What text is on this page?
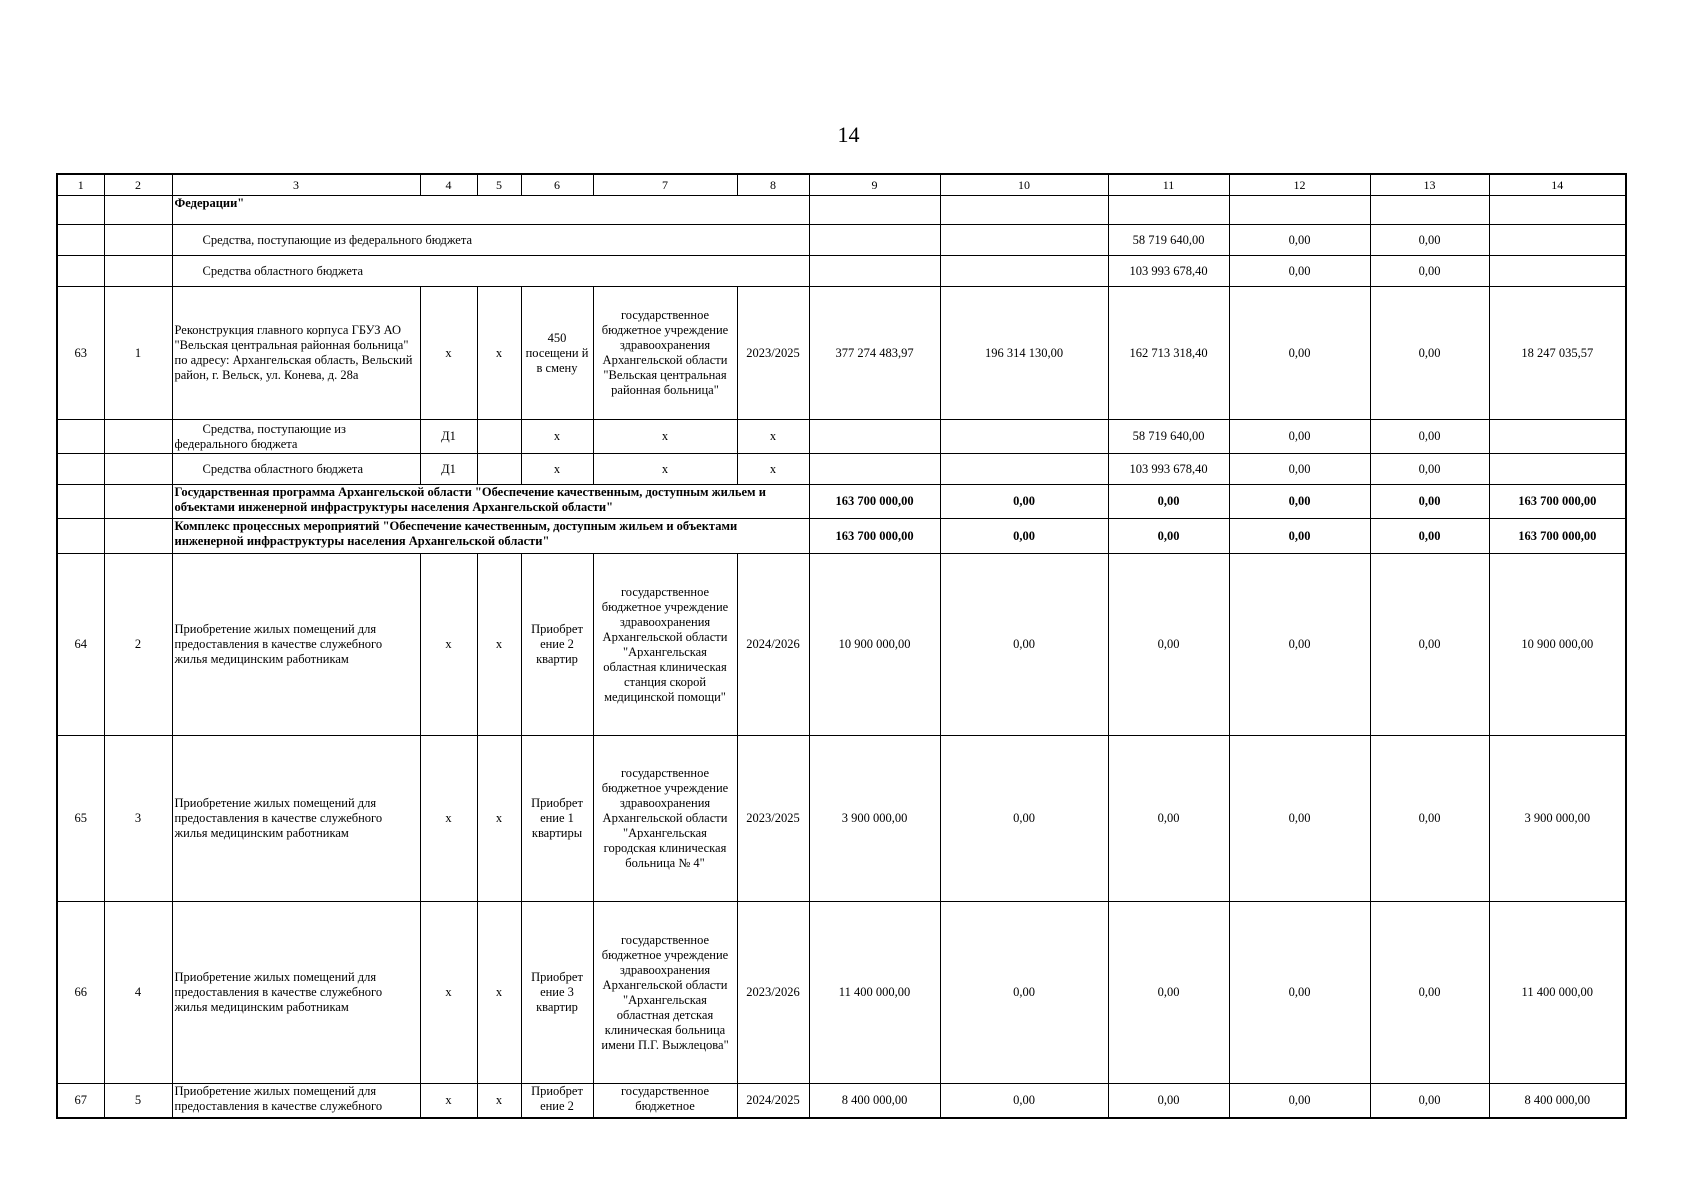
14
1	2	3	4	5	6	7	8	9	10	11	12	13	14
		Федерации"											
		Средства, поступающие из федерального бюджета								58 719 640,00	0,00	0,00	
		Средства областного бюджета								103 993 678,40	0,00	0,00	
63	1	Реконструкция главного корпуса ГБУЗ АО "Вельская центральная районная больница" по адресу: Архангельская область, Вельский район, г. Вельск, ул. Конева, д. 28а	х	х	450 посещени й в смену	государственное бюджетное учреждение здравоохранения Архангельской области "Вельская центральная районная больница"	2023/2025	377 274 483,97	196 314 130,00	162 713 318,40	0,00	0,00	18 247 035,57
		Средства, поступающие из федерального бюджета	Д1		х	х	х			58 719 640,00	0,00	0,00	
		Средства областного бюджета	Д1		х	х	х			103 993 678,40	0,00	0,00	
		Государственная программа Архангельской области "Обеспечение качественным, доступным жильем и объектами инженерной инфраструктуры населения Архангельской области"						163 700 000,00	0,00	0,00	0,00	0,00	163 700 000,00
		Комплекс процессных мероприятий "Обеспечение качественным, доступным жильем и объектами инженерной инфраструктуры населения Архангельской области"						163 700 000,00	0,00	0,00	0,00	0,00	163 700 000,00
64	2	Приобретение жилых помещений для предоставления в качестве служебного жилья медицинским работникам	х	х	Приобрет ение 2 квартир	государственное бюджетное учреждение здравоохранения Архангельской области "Архангельская областная клиническая станция скорой медицинской помощи"	2024/2026	10 900 000,00	0,00	0,00	0,00	0,00	10 900 000,00
65	3	Приобретение жилых помещений для предоставления в качестве служебного жилья медицинским работникам	х	х	Приобрет ение 1 квартиры	государственное бюджетное учреждение здравоохранения Архангельской области "Архангельская городская клиническая больница № 4"	2023/2025	3 900 000,00	0,00	0,00	0,00	0,00	3 900 000,00
66	4	Приобретение жилых помещений для предоставления в качестве служебного жилья медицинским работникам	х	х	Приобрет ение 3 квартир	государственное бюджетное учреждение здравоохранения Архангельской области "Архангельская областная детская клиническая больница имени П.Г. Выжлецова"	2023/2026	11 400 000,00	0,00	0,00	0,00	0,00	11 400 000,00
67	5	Приобретение жилых помещений для предоставления в качестве служебного	х	х	Приобрет ение 2	государственное бюджетное	2024/2025	8 400 000,00	0,00	0,00	0,00	0,00	8 400 000,00
